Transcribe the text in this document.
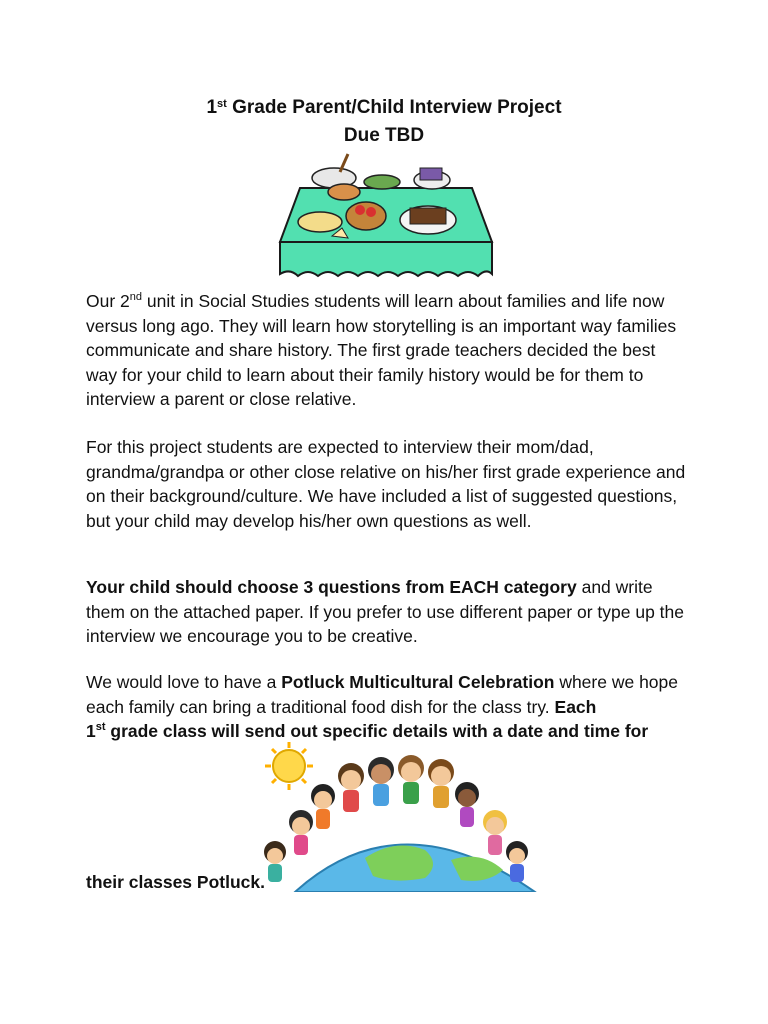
1st Grade Parent/Child Interview Project
Due TBD
Our 2nd unit in Social Studies students will learn about families and life now versus long ago. They will learn how storytelling is an important way families communicate and share history. The first grade teachers decided the best way for your child to learn about their family history would be for them to interview a parent or close relative.
For this project students are expected to interview their mom/dad, grandma/grandpa or other close relative on his/her first grade experience and on their background/culture. We have included a list of suggested questions, but your child may develop his/her own questions as well.
Your child should choose 3 questions from EACH category and write them on the attached paper. If you prefer to use different paper or type up the interview we encourage you to be creative.
We would love to have a Potluck Multicultural Celebration where we hope each family can bring a traditional food dish for the class try. Each
1st grade class will send out specific details with a date and time for
their classes Potluck.
